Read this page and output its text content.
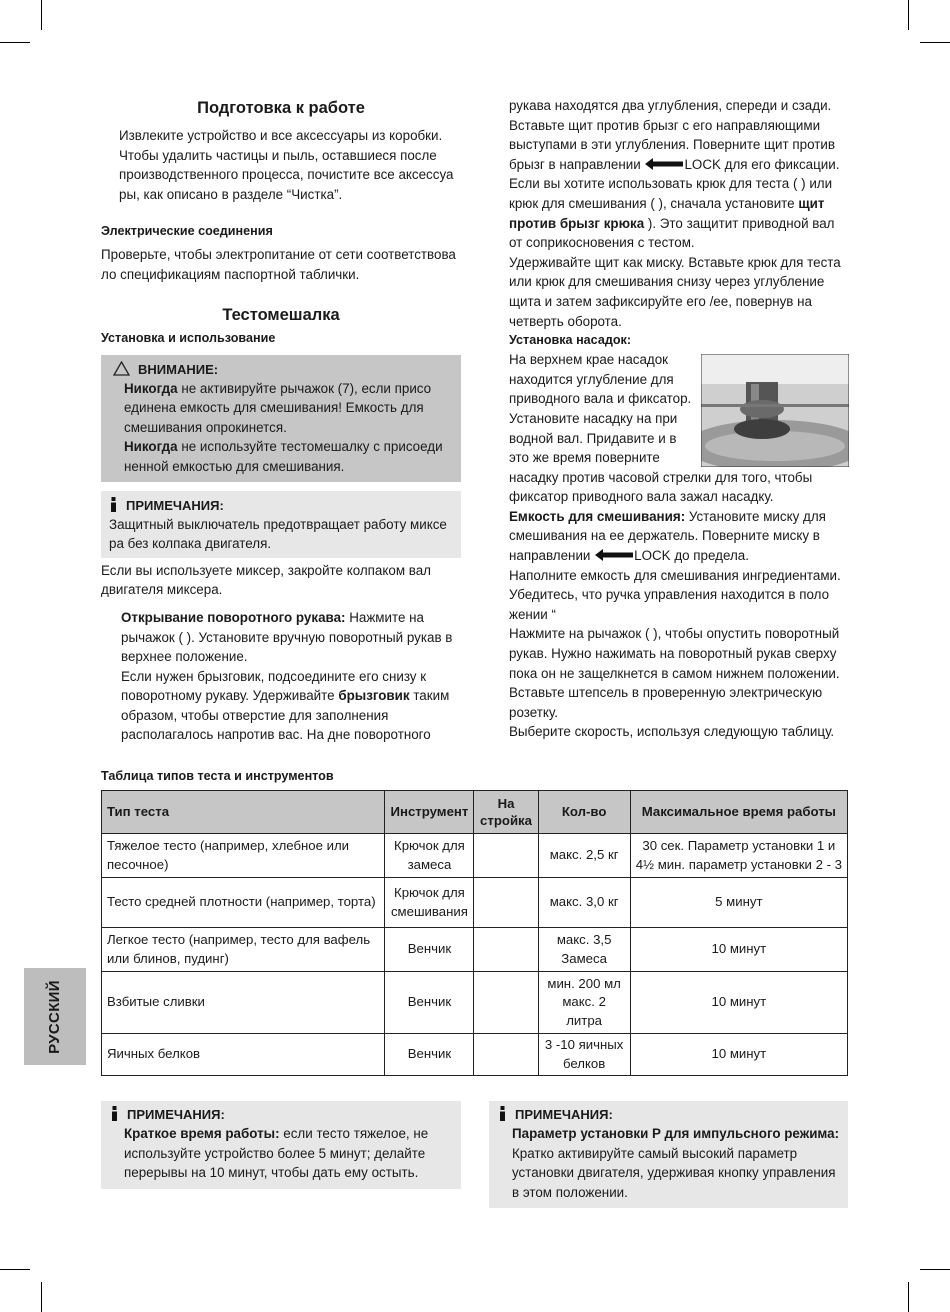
Подготовка к работе

Извлеките устройство и все аксессуары из коробки. Чтобы удалить частицы и пыль, оставшиеся после производственного процесса, почистите все аксессуа ры, как описано в разделе “Чистка”.

Электрические соединения

Проверьте, чтобы электропитание от сети соответствова ло спецификациям паспортной таблички.

Тестомешалка
Установка и использование
ВНИМАНИЕ:

Никогда не активируйте рычажок (7), если присо единена емкость для смешивания! Емкость для смешивания опрокинется.

Никогда не используйте тестомешалку с присоеди ненной емкостью для смешивания.

ПРИМЕЧАНИЯ:

Защитный выключатель предотвращает работу миксе ра без колпака двигателя.

Если вы используете миксер, закройте колпаком вал двигателя миксера.

Открывание поворотного рукава: Нажмите на рычажок ( ). Установите вручную поворотный рукав в верхнее положение.

Если нужен брызговик, подсоедините его снизу к поворотному рукаву. Удерживайте брызговик таким образом, чтобы отверстие для заполнения располагалось напротив вас. На дне поворотного

рукава находятся два углубления, спереди и сзади. Вставьте щит против брызг с его направляющими выступами в эти углубления. Поверните щит против брызг в направлении	LOCK для его фиксации. Если вы хотите использовать крюк для теста ( ) или крюк для смешивания ( ), сначала установите щит против брызг крюка ). Это защитит приводной вал от соприкосновения с тестом.

Удерживайте щит как миску. Вставьте крюк для теста или крюк для смешивания снизу через углубление щита и затем зафиксируйте его /ее, повернув на четверть оборота.

Установка насадок:

На верхнем крае насадок находится углубление для приводного вала и фиксатор. Установите насадку на при водной вал. Придавите и в это же время поверните насадку против часовой стрелки для того, чтобы фиксатор приводного вала зажал насадку.

Емкость для смешивания: Установите миску для смешивания на ее держатель. Поверните миску в направлении	LOCK до предела.

Наполните емкость для смешивания ингредиентами. Убедитесь, что ручка управления находится в поло жении “

Нажмите на рычажок ( ), чтобы опустить поворотный рукав. Нужно нажимать на поворотный рукав сверху пока он не защелкнется в самом нижнем положении. Вставьте штепсель в проверенную электрическую розетку.

Выберите скорость, используя следующую таблицу.

Таблица типов теста и инструментов
Тип теста	Инструмент	На стройка	Кол-во	Максимальное время работы
Тяжелое тесто (например, хлебное или песочное)	Крючок для замеса		макс. 2,5 кг	30 сек. Параметр установки 1 и 4½ мин. параметр установки 2 - 3
Тесто средней плотности (например, торта)	Крючок для смешивания		макс. 3,0 кг	5 минут
Легкое тесто (например, тесто для вафель или блинов, пудинг)	Венчик		макс. 3,5 Замеса	10 минут
Взбитые сливки	Венчик		мин. 200 мл макс. 2 литра	10 минут
Яичных белков	Венчик		3 -10 яичных белков	10 минут
РУССКИЙ
ПРИМЕЧАНИЯ:

Краткое время работы: если тесто тяжелое, не используйте устройство более 5 минут; делайте перерывы на 10 минут, чтобы дать ему остыть.

ПРИМЕЧАНИЯ:

Параметр установки P для импульсного режима:

Кратко активируйте самый высокий параметр установки двигателя, удерживая кнопку управления в этом положении.
